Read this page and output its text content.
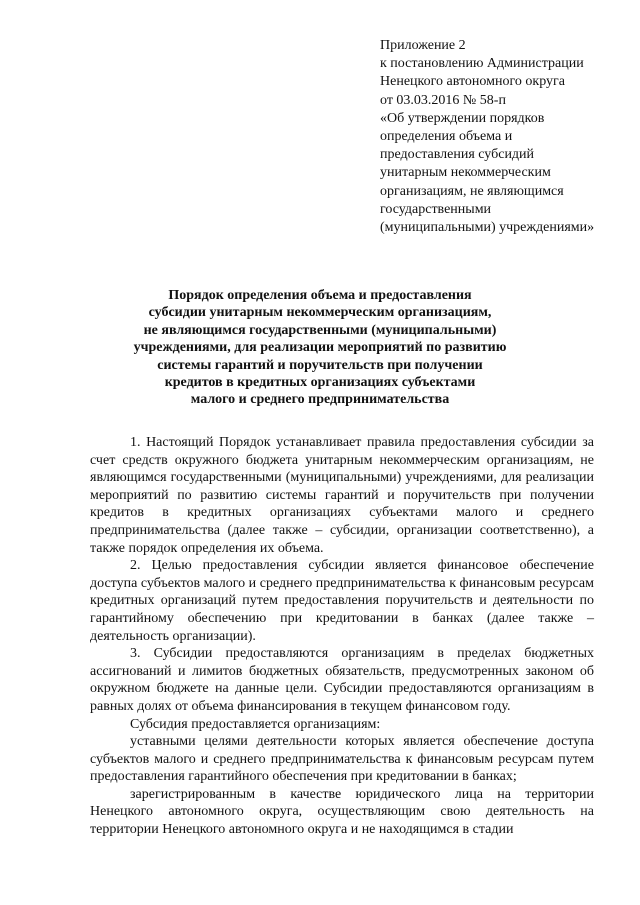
Приложение 2
к постановлению Администрации
Ненецкого автономного округа
от 03.03.2016 № 58-п
«Об утверждении порядков
определения объема и
предоставления субсидий
унитарным некоммерческим
организациям, не являющимся
государственными
(муниципальными) учреждениями»
Порядок определения объема и предоставления
субсидии унитарным некоммерческим организациям,
не являющимся государственными (муниципальными)
учреждениями, для реализации мероприятий по развитию
системы гарантий и поручительств при получении
кредитов в кредитных организациях субъектами
малого и среднего предпринимательства

1. Настоящий Порядок устанавливает правила предоставления субсидии за счет средств окружного бюджета унитарным некоммерческим организациям, не являющимся государственными (муниципальными) учреждениями, для реализации мероприятий по развитию системы гарантий и поручительств при получении кредитов в кредитных организациях субъектами малого и среднего предпринимательства (далее также – субсидии, организации соответственно), а также порядок определения их объема.

2. Целью предоставления субсидии является финансовое обеспечение доступа субъектов малого и среднего предпринимательства к финансовым ресурсам кредитных организаций путем предоставления поручительств и деятельности по гарантийному обеспечению при кредитовании в банках (далее также – деятельность организации).

3. Субсидии предоставляются организациям в пределах бюджетных ассигнований и лимитов бюджетных обязательств, предусмотренных законом об окружном бюджете на данные цели. Субсидии предоставляются организациям в равных долях от объема финансирования в текущем финансовом году.

Субсидия предоставляется организациям:

уставными целями деятельности которых является обеспечение доступа субъектов малого и среднего предпринимательства к финансовым ресурсам путем предоставления гарантийного обеспечения при кредитовании в банках;

зарегистрированным в качестве юридического лица на территории Ненецкого автономного округа, осуществляющим свою деятельность на территории Ненецкого автономного округа и не находящимся в стадии
